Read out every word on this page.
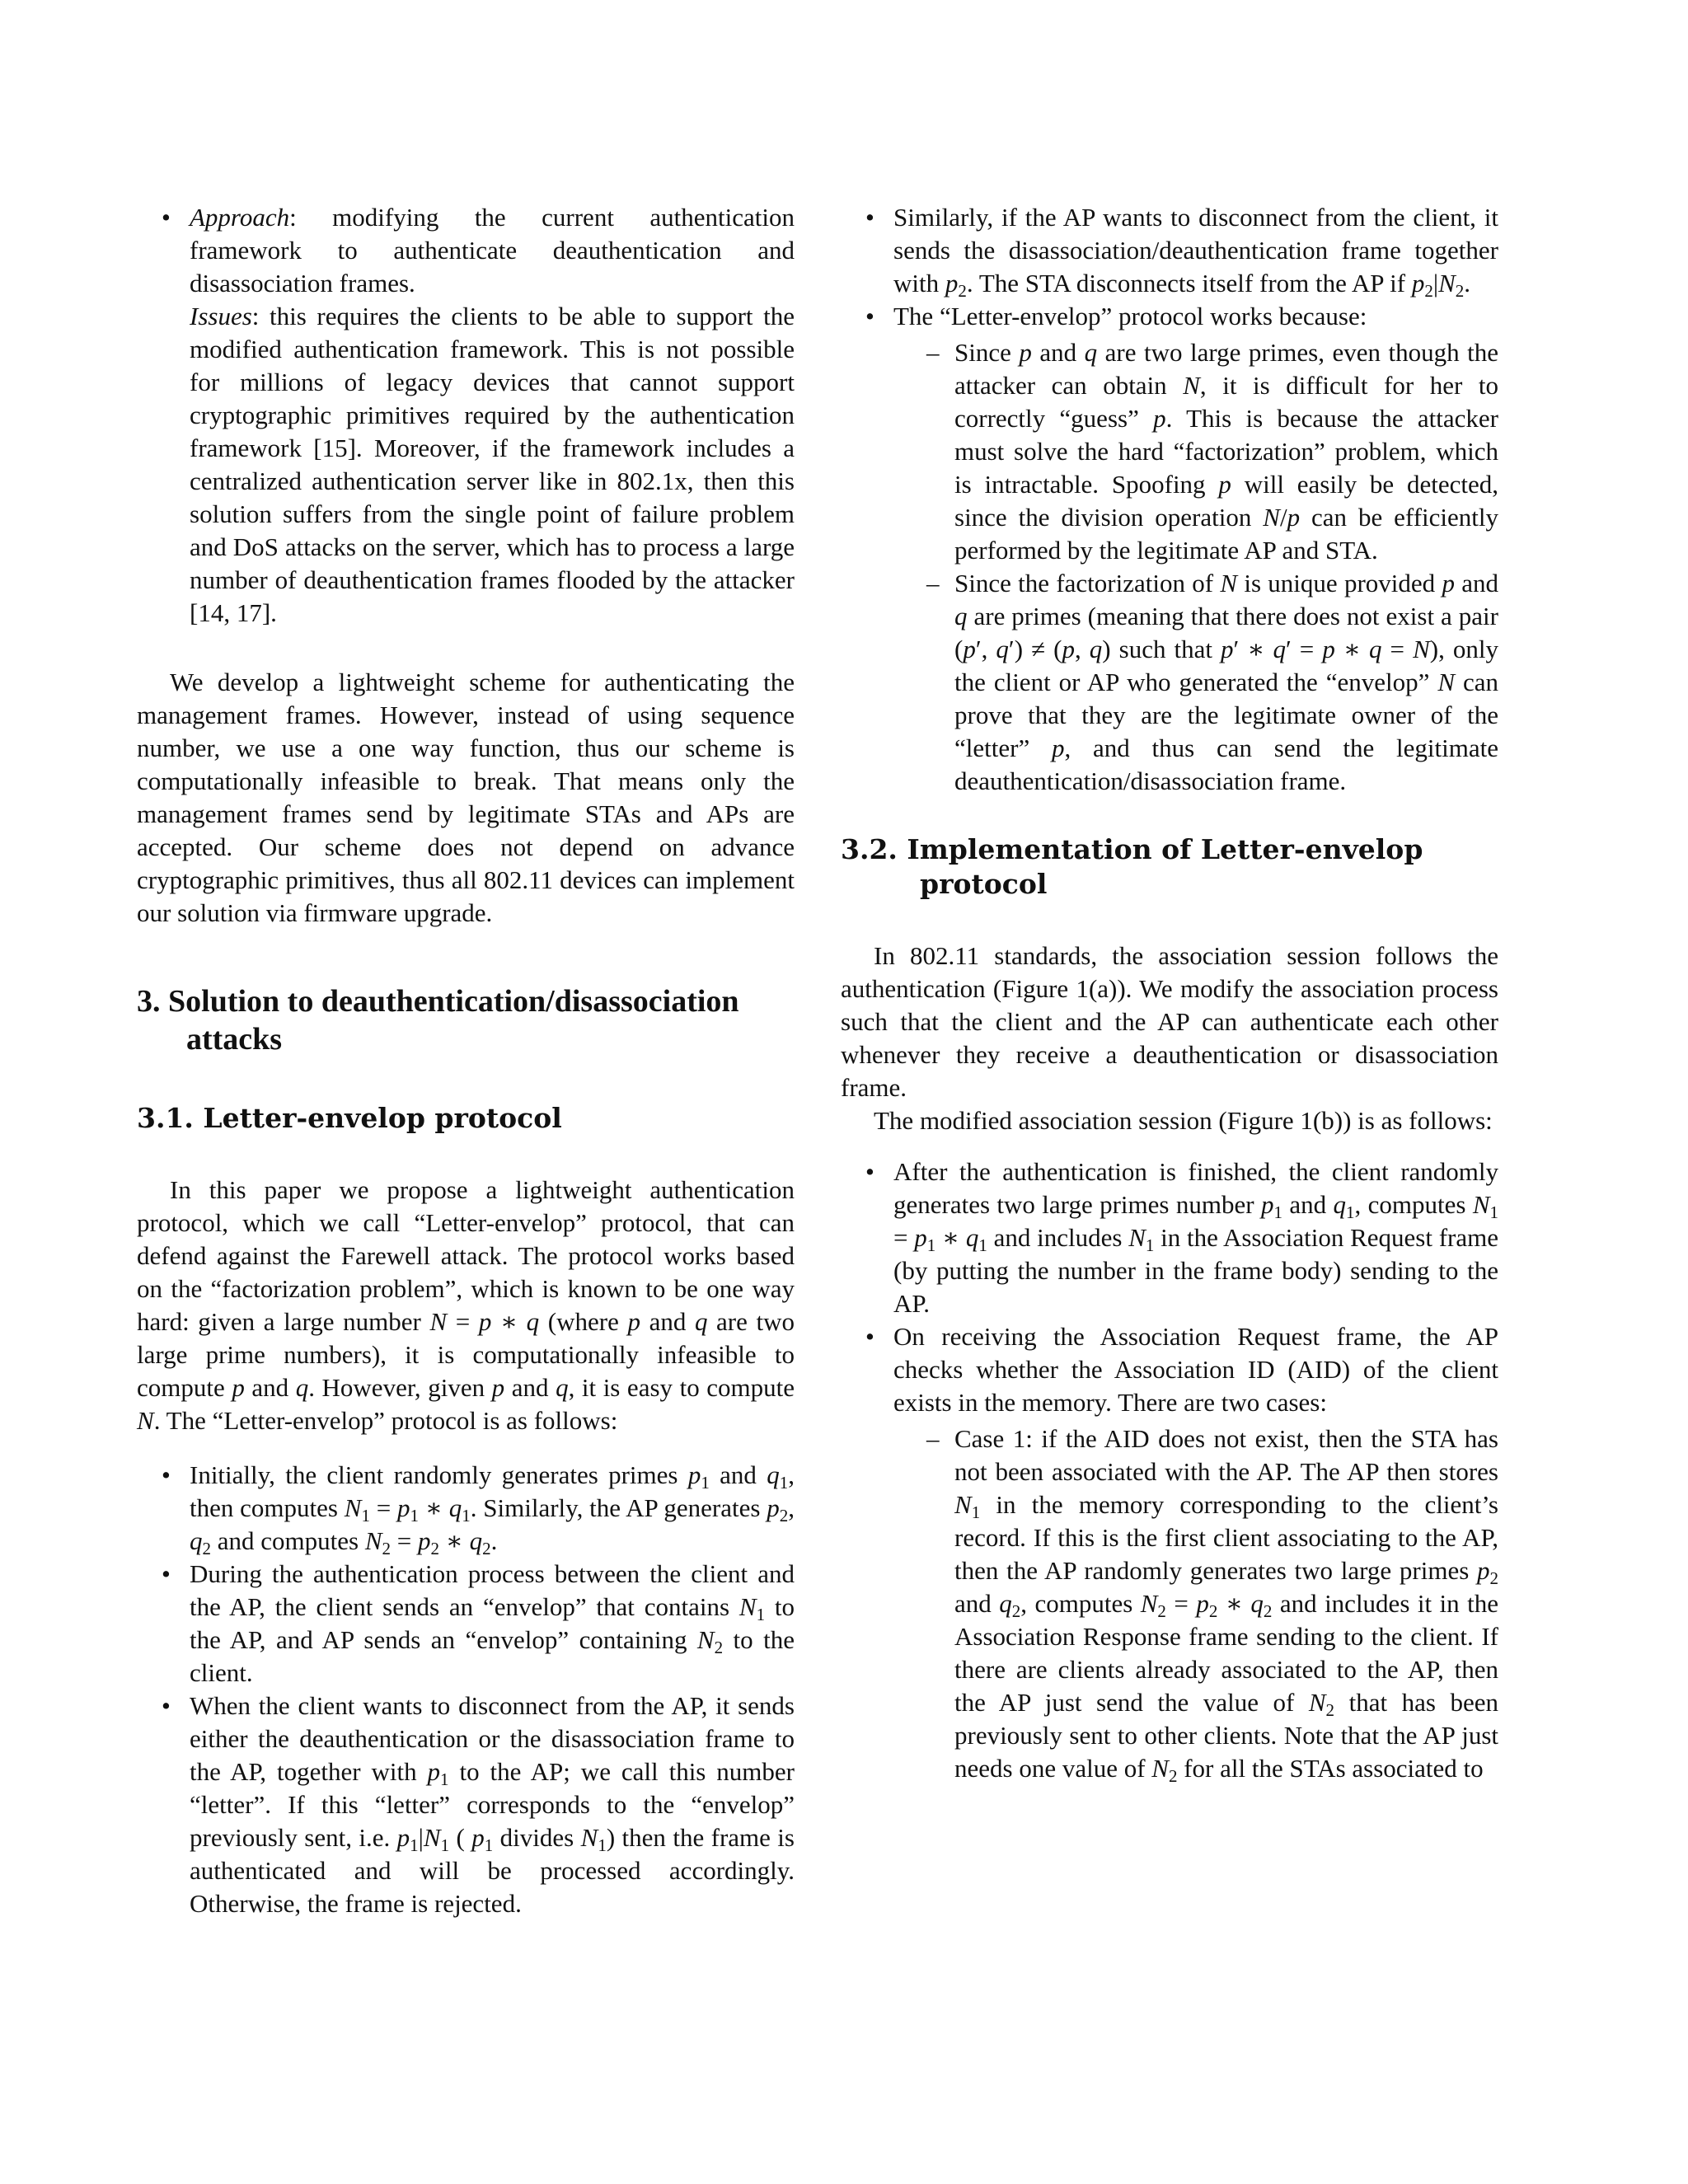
• Approach: modifying the current authentication framework to authenticate deauthentication and disassociation frames.
Issues: this requires the clients to be able to support the modified authentication framework. This is not possible for millions of legacy devices that cannot support cryptographic primitives required by the authentication framework [15]. Moreover, if the framework includes a centralized authentication server like in 802.1x, then this solution suffers from the single point of failure problem and DoS attacks on the server, which has to process a large number of deauthentication frames flooded by the attacker [14, 17].

We develop a lightweight scheme for authenticating the management frames. However, instead of using sequence number, we use a one way function, thus our scheme is computationally infeasible to break. That means only the management frames send by legitimate STAs and APs are accepted. Our scheme does not depend on advance cryptographic primitives, thus all 802.11 devices can implement our solution via firmware upgrade.

3. Solution to deauthentication/disassociation attacks
3.1. Letter-envelop protocol

In this paper we propose a lightweight authentication protocol, which we call “Letter-envelop” protocol, that can defend against the Farewell attack. The protocol works based on the “factorization problem”, which is known to be one way hard: given a large number N = p ∗ q (where p and q are two large prime numbers), it is computationally infeasible to compute p and q. However, given p and q, it is easy to compute N. The “Letter-envelop” protocol is as follows:

• Initially, the client randomly generates primes $p_1$ and $q_1$, then computes $N_1 = p_1$ ∗ $q_1$. Similarly, the AP generates $p_2$, $q_2$ and computes $N_2 = p_2$ ∗ $q_2$.
• During the authentication process between the client and the AP, the client sends an “envelop” that contains $N_1$ to the AP, and AP sends an “envelop” containing $N_2$ to the client.
• When the client wants to disconnect from the AP, it sends either the deauthentication or the disassociation frame to the AP, together with $p_1$ to the AP; we call this number “letter”. If this “letter” corresponds to the “envelop” previously sent, i.e. $p_1|N_1$ ( $p_1$ divides $N_1$) then the frame is authenticated and will be processed accordingly. Otherwise, the frame is rejected.
• Similarly, if the AP wants to disconnect from the client, it sends the disassociation/deauthentication frame together with $p_2$. The STA disconnects itself from the AP if $p_2|N_2$.
• The “Letter-envelop” protocol works because:
– Since p and q are two large primes, even though the attacker can obtain N, it is difficult for her to correctly “guess” p. This is because the attacker must solve the hard “factorization” problem, which is intractable. Spoofing p will easily be detected, since the division operation N/p can be efficiently performed by the legitimate AP and STA.
– Since the factorization of N is unique provided p and q are primes (meaning that there does not exist a pair (p′, q′) ≠ (p, q) such that p′ ∗ q′ = p ∗ q = N), only the client or AP who generated the “envelop” N can prove that they are the legitimate owner of the “letter” p, and thus can send the legitimate deauthentication/disassociation frame.
3.2. Implementation of Letter-envelop protocol

In 802.11 standards, the association session follows the authentication (Figure 1(a)). We modify the association process such that the client and the AP can authenticate each other whenever they receive a deauthentication or disassociation frame.

The modified association session (Figure 1(b)) is as follows:

• After the authentication is finished, the client randomly generates two large primes number $p_1$ and $q_1$, computes $N_1 = p_1$ ∗ $q_1$ and includes $N_1$ in the Association Request frame (by putting the number in the frame body) sending to the AP.
• On receiving the Association Request frame, the AP checks whether the Association ID (AID) of the client exists in the memory. There are two cases:
– Case 1: if the AID does not exist, then the STA has not been associated with the AP. The AP then stores $N_1$ in the memory corresponding to the client’s record. If this is the first client associating to the AP, then the AP randomly generates two large primes $p_2$ and $q_2$, computes $N_2 = p_2$ ∗ $q_2$ and includes it in the Association Response frame sending to the client. If there are clients already associated to the AP, then the AP just send the value of $N_2$ that has been previously sent to other clients. Note that the AP just needs one value of $N_2$ for all the STAs associated to
